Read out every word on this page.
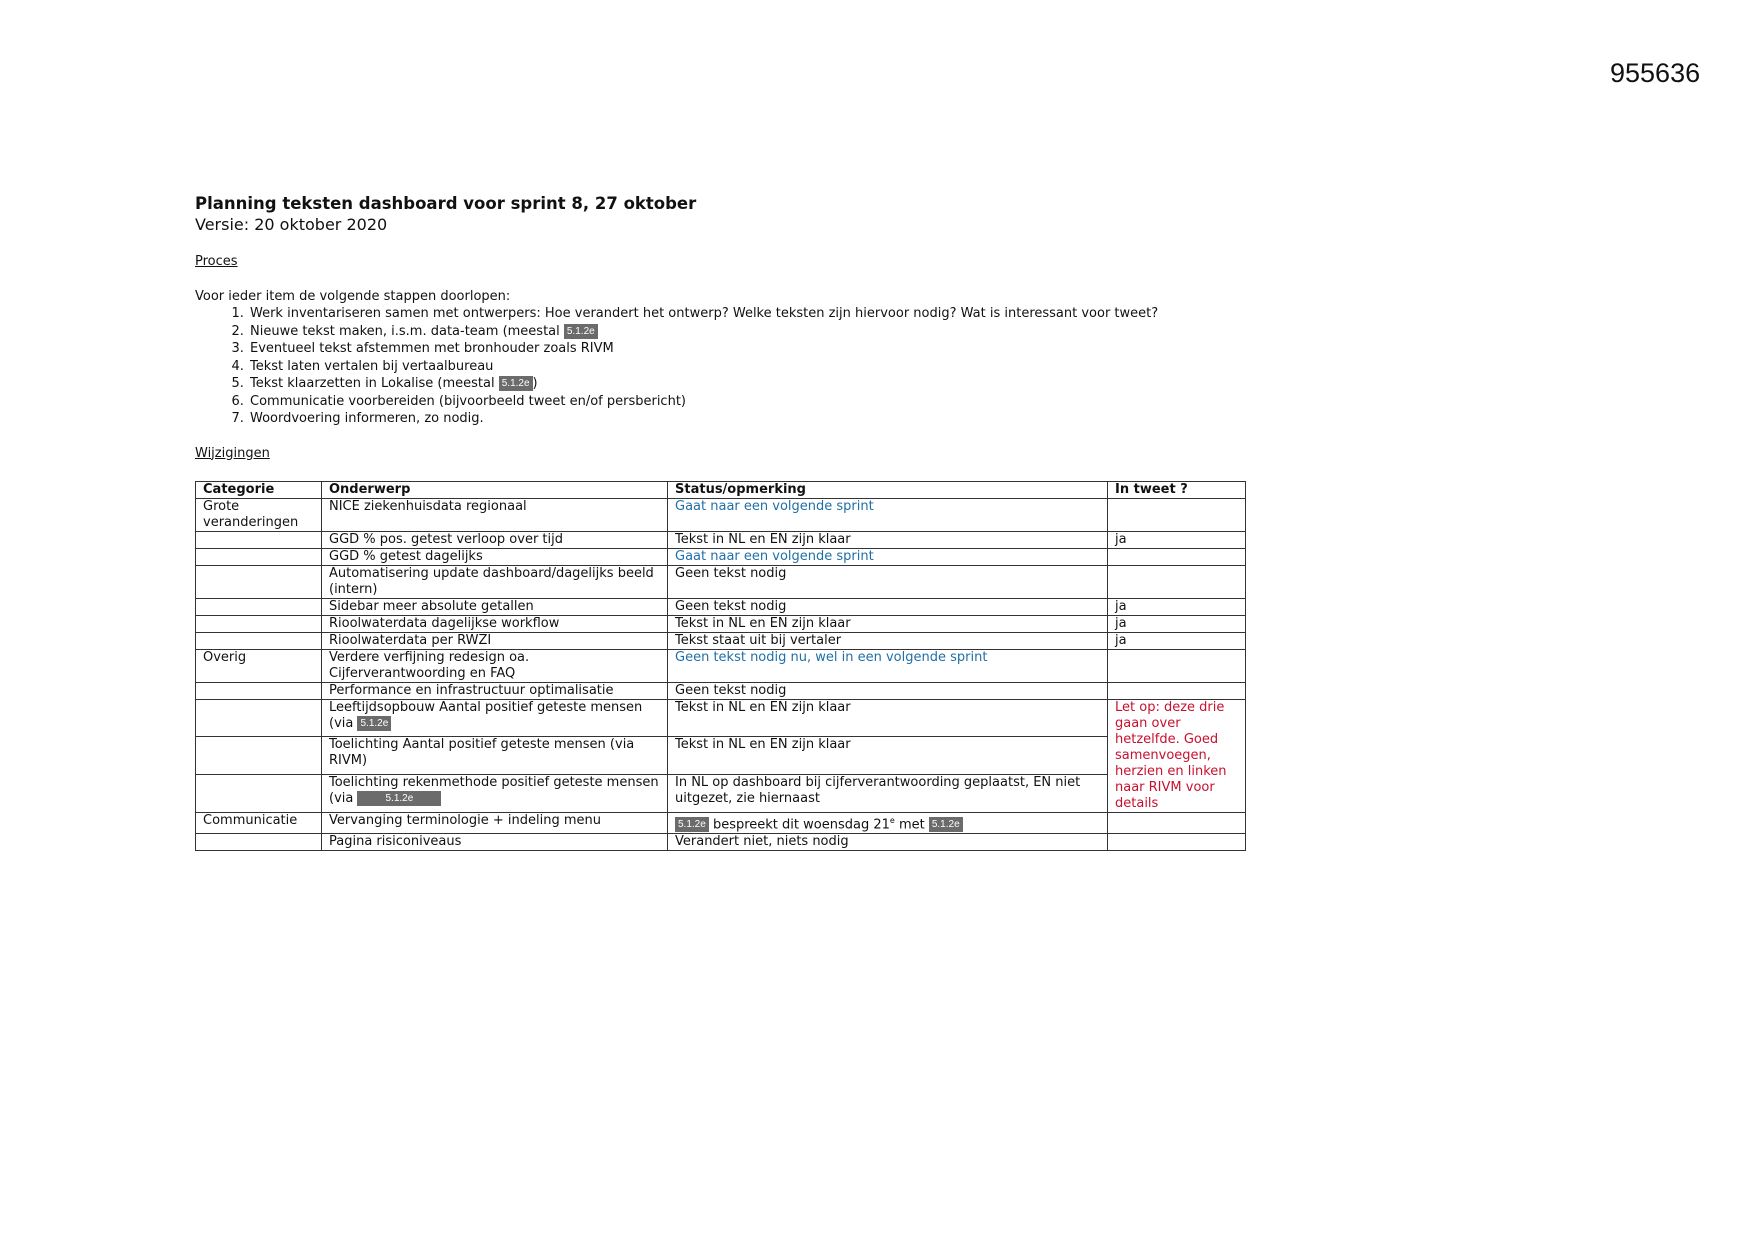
955636

Planning teksten dashboard voor sprint 8, 27 oktober

Versie: 20 oktober 2020

Proces

Voor ieder item de volgende stappen doorlopen:

1. Werk inventariseren samen met ontwerpers: Hoe verandert het ontwerp? Welke teksten zijn hiervoor nodig? Wat is interessant voor tweet?
2. Nieuwe tekst maken, i.s.m. data-team (meestal 5.1.2e
3. Eventueel tekst afstemmen met bronhouder zoals RIVM
4. Tekst laten vertalen bij vertaalbureau
5. Tekst klaarzetten in Lokalise (meestal 5.1.2e )
6. Communicatie voorbereiden (bijvoorbeeld tweet en/of persbericht)
7. Woordvoering informeren, zo nodig.

Wijzigingen

Categorie	Onderwerp	Status/opmerking	In tweet ?
Grote veranderingen	NICE ziekenhuisdata regionaal	Gaat naar een volgende sprint	
	GGD % pos. getest verloop over tijd	Tekst in NL en EN zijn klaar	ja
	GGD % getest dagelijks	Gaat naar een volgende sprint	
	Automatisering update dashboard/dagelijks beeld (intern)	Geen tekst nodig	
	Sidebar meer absolute getallen	Geen tekst nodig	ja
	Rioolwaterdata dagelijkse workflow	Tekst in NL en EN zijn klaar	ja
	Rioolwaterdata per RWZI	Tekst staat uit bij vertaler	ja
Overig	Verdere verfijning redesign oa. Cijferverantwoording en FAQ	Geen tekst nodig nu, wel in een volgende sprint	
	Performance en infrastructuur optimalisatie	Geen tekst nodig	
	Leeftijdsopbouw Aantal positief geteste mensen (via 5.1.2e	Tekst in NL en EN zijn klaar	Let op: deze drie gaan over hetzelfde. Goed samenvoegen, herzien en linken naar RIVM voor details
	Toelichting Aantal positief geteste mensen (via RIVM)	Tekst in NL en EN zijn klaar	
	Toelichting rekenmethode positief geteste mensen (via 5.1.2e	In NL op dashboard bij cijferverantwoording geplaatst, EN niet uitgezet, zie hiernaast	
Communicatie	Vervanging terminologie + indeling menu	5.1.2e bespreekt dit woensdag 21e met 5.1.2e	
	Pagina risiconiveaus	Verandert niet, niets nodig	
